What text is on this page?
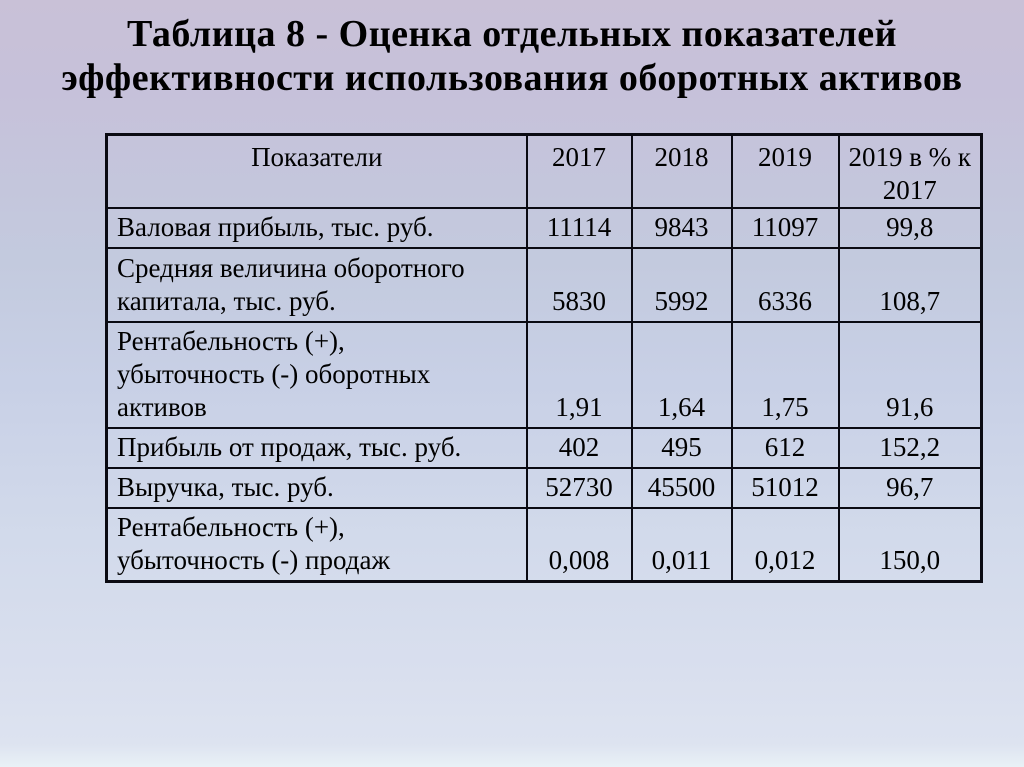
Таблица 8 - Оценка отдельных показателей
эффективности использования оборотных активов
Показатели	2017	2018	2019	2019 в % к
2017
Валовая прибыль, тыс. руб.	11114	9843	11097	99,8
Средняя величина оборотного
капитала, тыс. руб.	5830	5992	6336	108,7
Рентабельность (+),
убыточность (-) оборотных активов	1,91	1,64	1,75	91,6
Прибыль от продаж, тыс. руб.	402	495	612	152,2
Выручка, тыс. руб.	52730	45500	51012	96,7
Рентабельность (+),
убыточность (-) продаж	0,008	0,011	0,012	150,0
